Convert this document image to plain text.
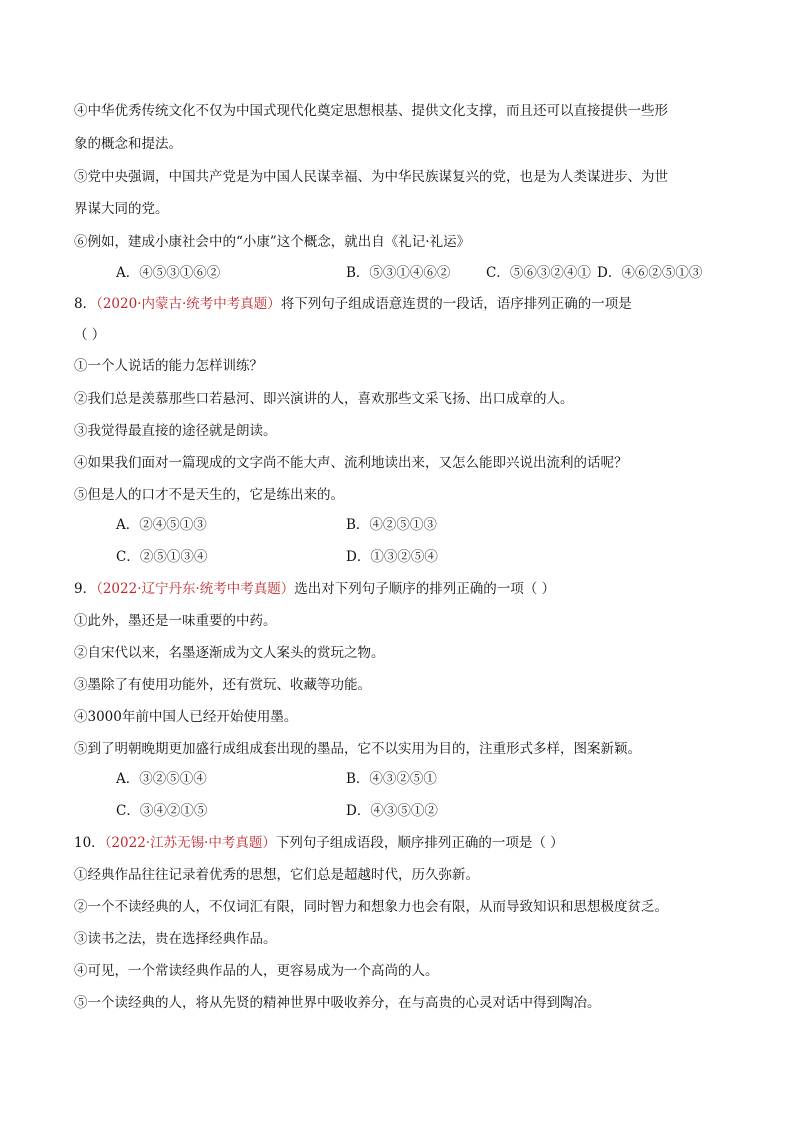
④中华优秀传统文化不仅为中国式现代化奠定思想根基、提供文化支撑，而且还可以直接提供一些形
象的概念和提法。
⑤党中央强调，中国共产党是为中国人民谋幸福、为中华民族谋复兴的党，也是为人类谋进步、为世
界谋大同的党。
⑥例如，建成小康社会中的“小康”这个概念，就出自《礼记·礼运》
A．④⑤③①⑥②	B．⑤③①④⑥②	C．⑤⑥③②④① D．④⑥②⑤①③
8．（2020·内蒙古·统考中考真题）将下列句子组成语意连贯的一段话，语序排列正确的一项是
（ ）
①一个人说话的能力怎样训练？
②我们总是羡慕那些口若悬河、即兴演讲的人，喜欢那些文采飞扬、出口成章的人。
③我觉得最直接的途径就是朗读。
④如果我们面对一篇现成的文字尚不能大声、流利地读出来，又怎么能即兴说出流利的话呢？
⑤但是人的口才不是天生的，它是练出来的。
A．②④⑤①③	B．④②⑤①③
C．②⑤①③④	D．①③②⑤④
9．（2022·辽宁丹东·统考中考真题）选出对下列句子顺序的排列正确的一项（ ）
①此外，墨还是一味重要的中药。
②自宋代以来，名墨逐渐成为文人案头的赏玩之物。
③墨除了有使用功能外，还有赏玩、收藏等功能。
④3000年前中国人已经开始使用墨。
⑤到了明朝晚期更加盛行成组成套出现的墨品，它不以实用为目的，注重形式多样，图案新颖。
A．③②⑤①④	B．④③②⑤①
C．③④②①⑤	D．④③⑤①②
10．（2022·江苏无锡·中考真题）下列句子组成语段，顺序排列正确的一项是（ ）
①经典作品往往记录着优秀的思想，它们总是超越时代，历久弥新。
②一个不读经典的人，不仅词汇有限，同时智力和想象力也会有限，从而导致知识和思想极度贫乏。
③读书之法，贵在选择经典作品。
④可见，一个常读经典作品的人，更容易成为一个高尚的人。
⑤一个读经典的人，将从先贤的精神世界中吸收养分，在与高贵的心灵对话中得到陶冶。
